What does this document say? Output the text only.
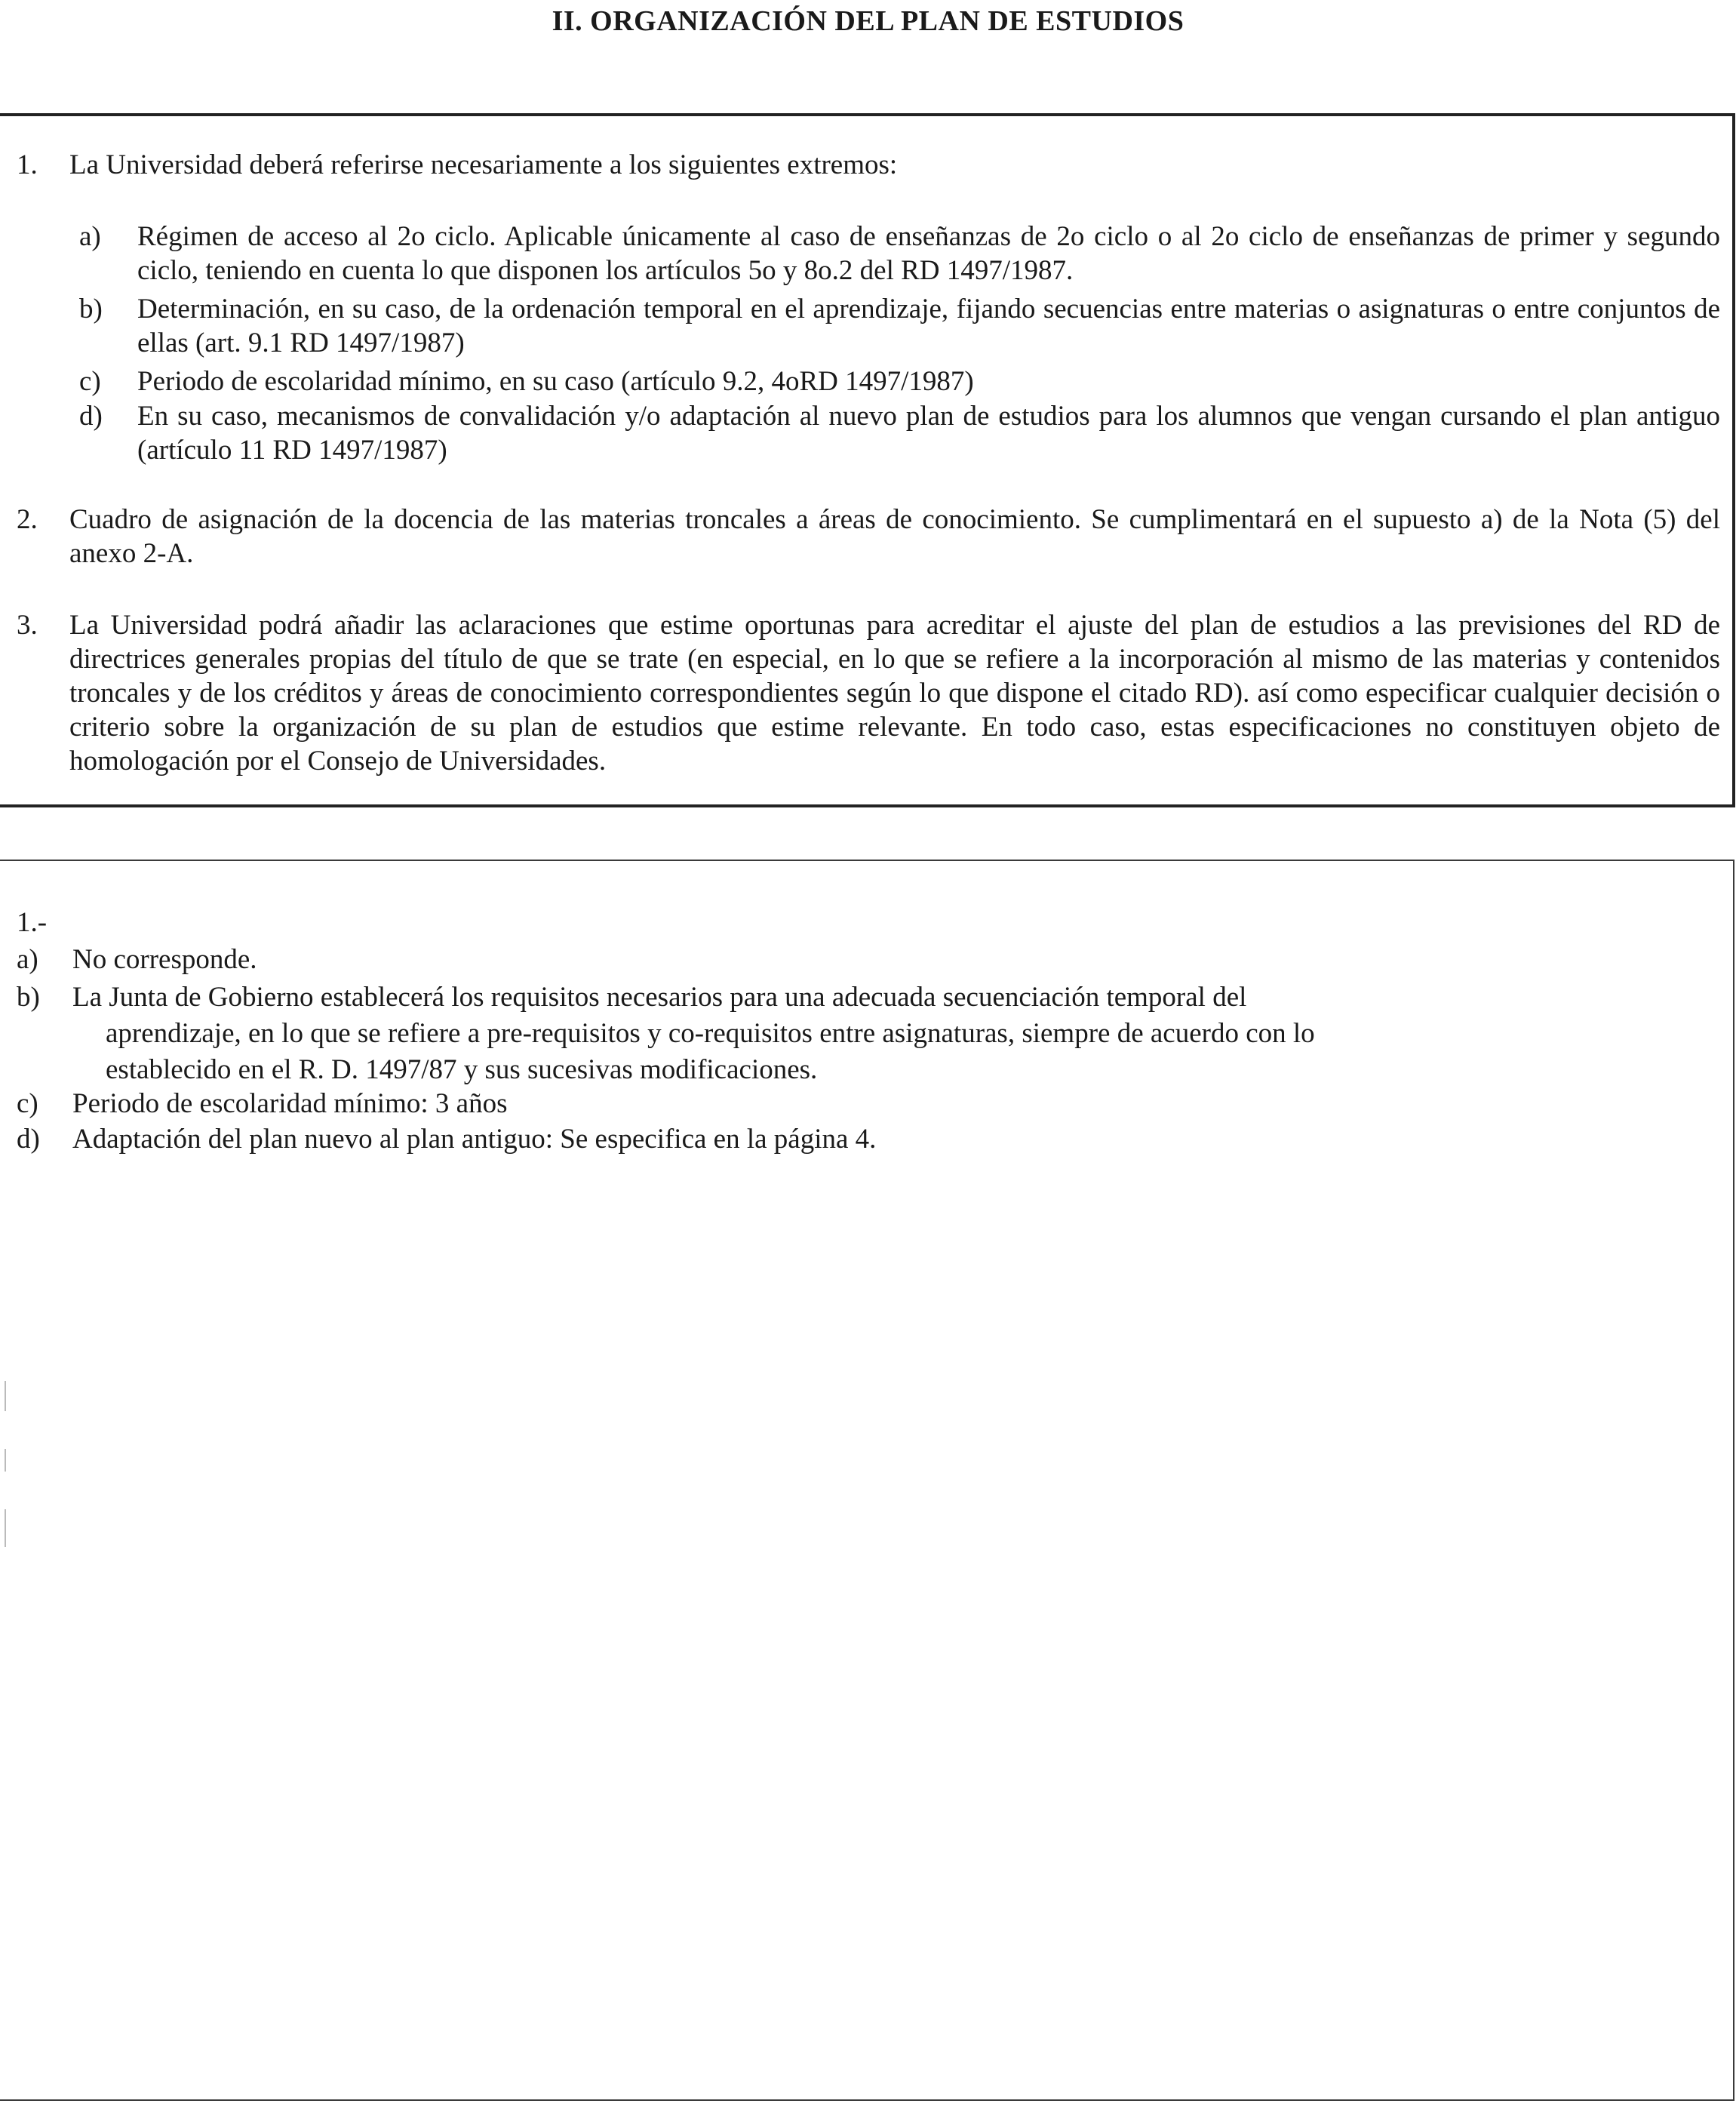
II. ORGANIZACIÓN DEL PLAN DE ESTUDIOS
1. La Universidad deberá referirse necesariamente a los siguientes extremos:
a) Régimen de acceso al 2o ciclo. Aplicable únicamente al caso de enseñanzas de 2o ciclo o al 2o ciclo de enseñanzas de primer y segundo ciclo, teniendo en cuenta lo que disponen los artículos 5o y 8o.2 del RD 1497/1987.
b) Determinación, en su caso, de la ordenación temporal en el aprendizaje, fijando secuencias entre materias o asignaturas o entre conjuntos de ellas (art. 9.1 RD 1497/1987)
c) Periodo de escolaridad mínimo, en su caso (artículo 9.2, 4oRD 1497/1987)
d) En su caso, mecanismos de convalidación y/o adaptación al nuevo plan de estudios para los alumnos que vengan cursando el plan antiguo (artículo 11 RD 1497/1987)
2. Cuadro de asignación de la docencia de las materias troncales a áreas de conocimiento. Se cumplimentará en el supuesto a) de la Nota (5) del anexo 2-A.
3. La Universidad podrá añadir las aclaraciones que estime oportunas para acreditar el ajuste del plan de estudios a las previsiones del RD de directrices generales propias del título de que se trate (en especial, en lo que se refiere a la incorporación al mismo de las materias y contenidos troncales y de los créditos y áreas de conocimiento correspondientes según lo que dispone el citado RD). así como especificar cualquier decisión o criterio sobre la organización de su plan de estudios que estime relevante. En todo caso, estas especificaciones no constituyen objeto de homologación por el Consejo de Universidades.
1.-
a) No corresponde.
b) La Junta de Gobierno establecerá los requisitos necesarios para una adecuada secuenciación temporal del
aprendizaje, en lo que se refiere a pre-requisitos y co-requisitos entre asignaturas, siempre de acuerdo con lo
establecido en el R. D. 1497/87 y sus sucesivas modificaciones.
c) Periodo de escolaridad mínimo: 3 años
d) Adaptación del plan nuevo al plan antiguo: Se especifica en la página 4.
